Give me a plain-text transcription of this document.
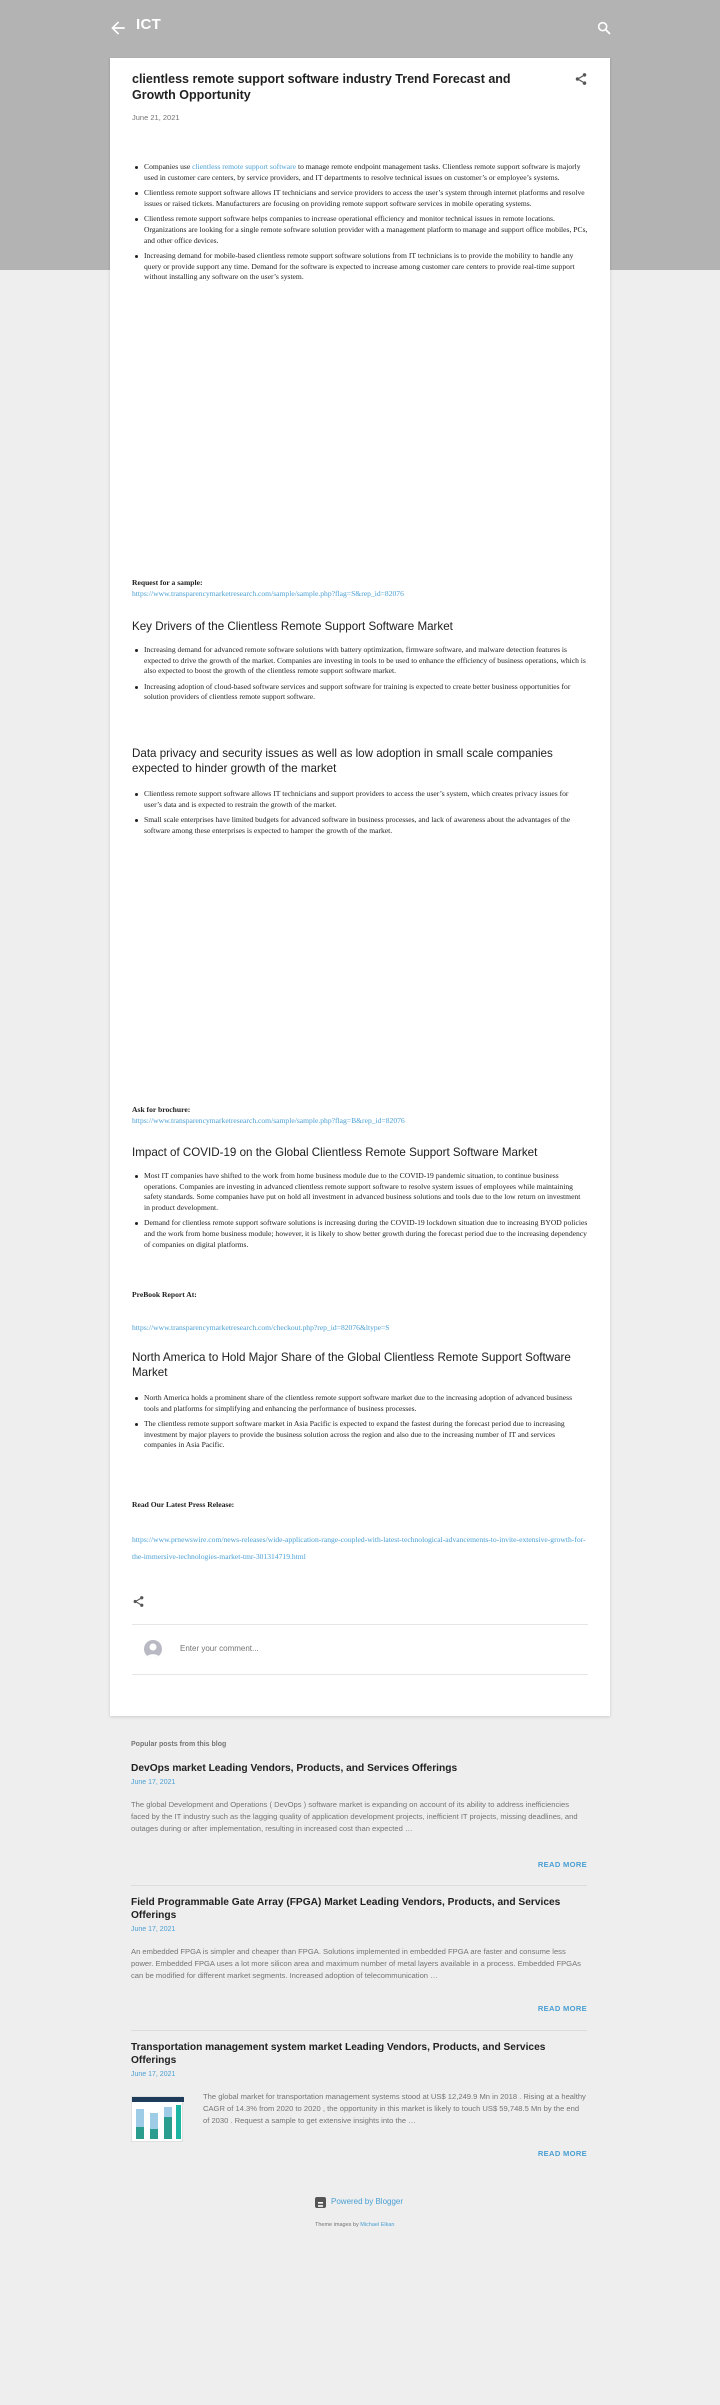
ICT
clientless remote support software industry Trend Forecast and Growth Opportunity
June 21, 2021
Companies use clientless remote support software to manage remote endpoint management tasks. Clientless remote support software is majorly used in customer care centers, by service providers, and IT departments to resolve technical issues on customer’s or employee’s systems.
Clientless remote support software allows IT technicians and service providers to access the user’s system through internet platforms and resolve issues or raised tickets. Manufacturers are focusing on providing remote support software services in mobile operating systems.
Clientless remote support software helps companies to increase operational efficiency and monitor technical issues in remote locations. Organizations are looking for a single remote software solution provider with a management platform to manage and support office mobiles, PCs, and other office devices.
Increasing demand for mobile-based clientless remote support software solutions from IT technicians is to provide the mobility to handle any query or provide support any time. Demand for the software is expected to increase among customer care centers to provide real-time support without installing any software on the user’s system.
Request for a sample:
https://www.transparencymarketresearch.com/sample/sample.php?flag=S&rep_id=82076
Key Drivers of the Clientless Remote Support Software Market
Increasing demand for advanced remote software solutions with battery optimization, firmware software, and malware detection features is expected to drive the growth of the market. Companies are investing in tools to be used to enhance the efficiency of business operations, which is also expected to boost the growth of the clientless remote support software market.
Increasing adoption of cloud-based software services and support software for training is expected to create better business opportunities for solution providers of clientless remote support software.
Data privacy and security issues as well as low adoption in small scale companies expected to hinder growth of the market
Clientless remote support software allows IT technicians and support providers to access the user’s system, which creates privacy issues for user’s data and is expected to restrain the growth of the market.
Small scale enterprises have limited budgets for advanced software in business processes, and lack of awareness about the advantages of the software among these enterprises is expected to hamper the growth of the market.
Ask for brochure:
https://www.transparencymarketresearch.com/sample/sample.php?flag=B&rep_id=82076
Impact of COVID-19 on the Global Clientless Remote Support Software Market
Most IT companies have shifted to the work from home business module due to the COVID-19 pandemic situation, to continue business operations. Companies are investing in advanced clientless remote support software to resolve system issues of employees while maintaining safety standards. Some companies have put on hold all investment in advanced business solutions and tools due to the low return on investment in product development.
Demand for clientless remote support software solutions is increasing during the COVID-19 lockdown situation due to increasing BYOD policies and the work from home business module; however, it is likely to show better growth during the forecast period due to the increasing dependency of companies on digital platforms.
PreBook Report At:
https://www.transparencymarketresearch.com/checkout.php?rep_id=82076&ltype=S
North America to Hold Major Share of the Global Clientless Remote Support Software Market
North America holds a prominent share of the clientless remote support software market due to the increasing adoption of advanced business tools and platforms for simplifying and enhancing the performance of business processes.
The clientless remote support software market in Asia Pacific is expected to expand the fastest during the forecast period due to increasing investment by major players to provide the business solution across the region and also due to the increasing number of IT and services companies in Asia Pacific.
Read Our Latest Press Release:
https://www.prnewswire.com/news-releases/wide-application-range-coupled-with-latest-technological-advancements-to-invite-extensive-growth-for-the-immersive-technologies-market-tmr-301314719.html
Enter your comment...
Popular posts from this blog
DevOps market Leading Vendors, Products, and Services Offerings
June 17, 2021
The global Development and Operations ( DevOps ) software market is expanding on account of its ability to address inefficiencies faced by the IT industry such as the lagging quality of application development projects, inefficient IT projects, missing deadlines, and outages during or after implementation, resulting in increased cost than expected …
READ MORE
Field Programmable Gate Array (FPGA) Market Leading Vendors, Products, and Services Offerings
June 17, 2021
An embedded FPGA is simpler and cheaper than FPGA. Solutions implemented in embedded FPGA are faster and consume less power. Embedded FPGA uses a lot more silicon area and maximum number of metal layers available in a process. Embedded FPGAs can be modified for different market segments. Increased adoption of telecommunication …
READ MORE
Transportation management system market Leading Vendors, Products, and Services Offerings
June 17, 2021
The global market for transportation management systems stood at US$ 12,249.9 Mn in 2018 . Rising at a healthy CAGR of 14.3% from 2020 to 2020 , the opportunity in this market is likely to touch US$ 59,748.5 Mn by the end of 2030 . Request a sample to get extensive insights into the …
READ MORE
Powered by Blogger
Theme images by Michael Elkan
